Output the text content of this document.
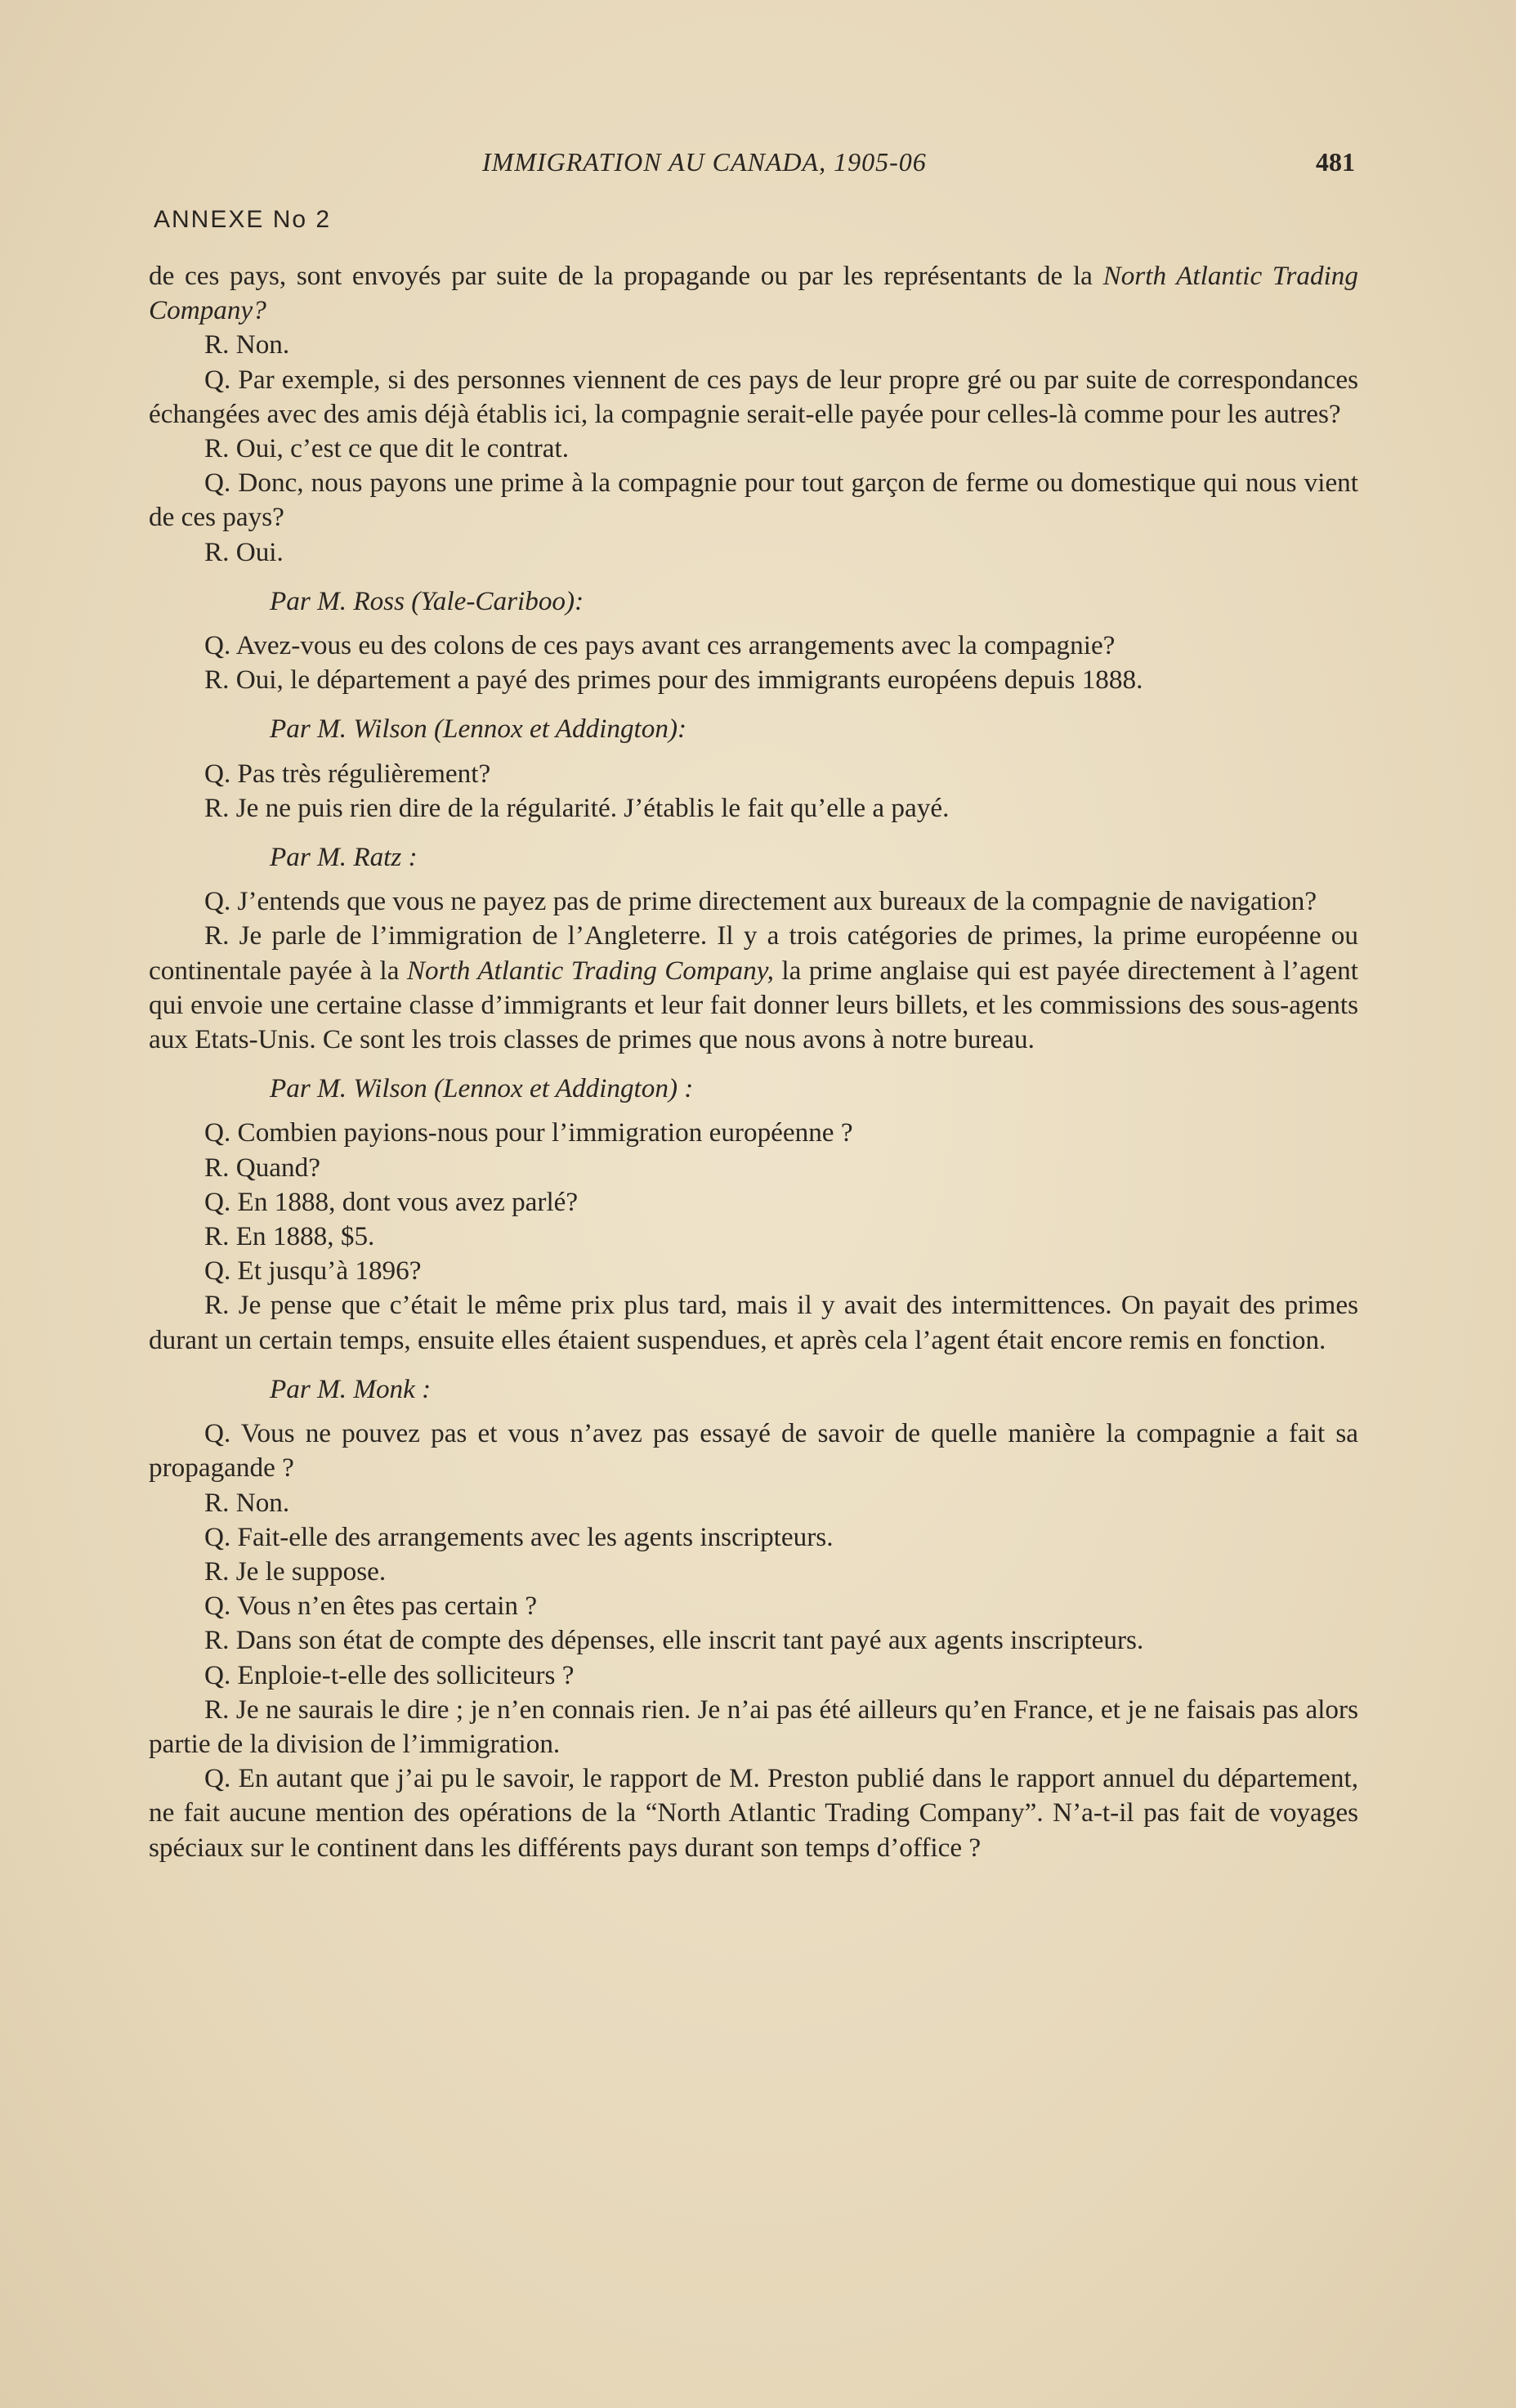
IMMIGRATION AU CANADA, 1905-06	481
ANNEXE No 2

de ces pays, sont envoyés par suite de la propagande ou par les représentants de la North Atlantic Trading Company?

R. Non.

Q. Par exemple, si des personnes viennent de ces pays de leur propre gré ou par suite de correspondances échangées avec des amis déjà établis ici, la compagnie serait-elle payée pour celles-là comme pour les autres?

R. Oui, c’est ce que dit le contrat.

Q. Donc, nous payons une prime à la compagnie pour tout garçon de ferme ou domestique qui nous vient de ces pays?

R. Oui.

Par M. Ross (Yale-Cariboo):

Q. Avez-vous eu des colons de ces pays avant ces arrangements avec la compagnie?

R. Oui, le département a payé des primes pour des immigrants européens depuis 1888.

Par M. Wilson (Lennox et Addington):

Q. Pas très régulièrement?

R. Je ne puis rien dire de la régularité. J’établis le fait qu’elle a payé.

Par M. Ratz :

Q. J’entends que vous ne payez pas de prime directement aux bureaux de la compagnie de navigation?

R. Je parle de l’immigration de l’Angleterre. Il y a trois catégories de primes, la prime européenne ou continentale payée à la North Atlantic Trading Company, la prime anglaise qui est payée directement à l’agent qui envoie une certaine classe d’immigrants et leur fait donner leurs billets, et les commissions des sous-agents aux Etats-Unis. Ce sont les trois classes de primes que nous avons à notre bureau.

Par M. Wilson (Lennox et Addington) :

Q. Combien payions-nous pour l’immigration européenne ?

R. Quand?

Q. En 1888, dont vous avez parlé?

R. En 1888, $5.

Q. Et jusqu’à 1896?

R. Je pense que c’était le même prix plus tard, mais il y avait des intermittences. On payait des primes durant un certain temps, ensuite elles étaient suspendues, et après cela l’agent était encore remis en fonction.

Par M. Monk :

Q. Vous ne pouvez pas et vous n’avez pas essayé de savoir de quelle manière la compagnie a fait sa propagande ?

R. Non.

Q. Fait-elle des arrangements avec les agents inscripteurs.

R. Je le suppose.

Q. Vous n’en êtes pas certain ?

R. Dans son état de compte des dépenses, elle inscrit tant payé aux agents inscripteurs.

Q. Enploie-t-elle des solliciteurs ?

R. Je ne saurais le dire ; je n’en connais rien. Je n’ai pas été ailleurs qu’en France, et je ne faisais pas alors partie de la division de l’immigration.

Q. En autant que j’ai pu le savoir, le rapport de M. Preston publié dans le rapport annuel du département, ne fait aucune mention des opérations de la “North Atlantic Trading Company”. N’a-t-il pas fait de voyages spéciaux sur le continent dans les différents pays durant son temps d’office ?
